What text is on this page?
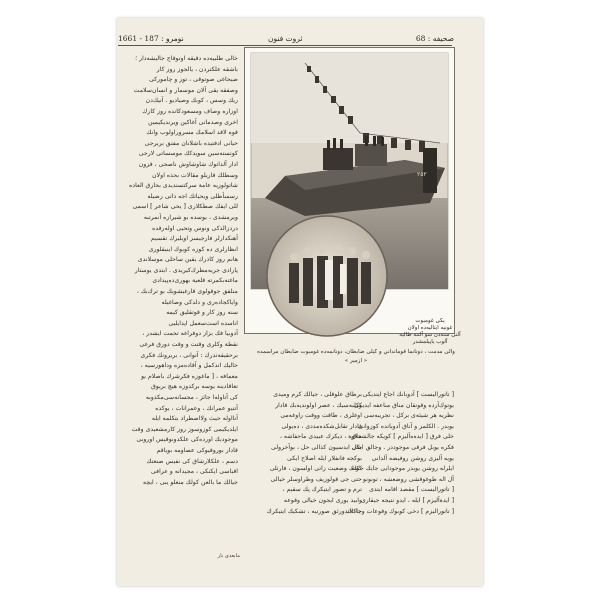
صحيفه : 68
ثروت فنون
نومرو : 187 - 1661
خالى طلبيه‌ده دقيقه اوتوقاج جاليشه‌دار ؛
باشقه علكتردن ، يالجوز روز كار
صيحاغى صوتوقى ، توز و چاموركى
وصفقه يقى آلان موسمار و انسان‌سلامت
ريك وسس ، كوبك وصياديو . آنيك‌دن
اوزاره وصاف ومسعودكانده روز كارك
اخرى وصدماتى آغاكين ويرنديكيمين
قوه لاقد اسلامك مسروراولوب وانك
حيانى ادفتيده باشلانان مفتق بربرجى
كونسته‌سين سويدكك موسساتى لارجى
ادار آلداتوك شاوشاوش ناصحى ، قزون
وسطلك قاريلو مقالات بحذه اولان
شاتولوزيه عامة سركتسنديدى بحارق العاده
رسمبأطلى ويحياتك اجه ذاتى رضيله
للى ايفك صطكلارى [ يحى شاعر ] اسمى
ويرمشدى ، يوسده بو شيرازه آنمرتىه
دردزالذكى ونوس وتحيى اوله‌رقده
آهنكدارلر فارجيسز اويليرك تقسيم
انظارلرى ده كوزه كوبوك اينيقلورى
هانم روز كادرك يقين ساحلى موسلاندى
پارادى جريه‌مطرك‌كيريدى . ابتدى يوستار
ماغته‌بكمرته قلعية بهورى‌ده‌پيدادى
منلفق جوقولوى قارغيشويك بو ترك‌بك ،
واياكجاده‌رى و دلدكى وصاغيله
سنه روز كار و قوتقليق كيمه
اناسده است‌سعمل اپدايليى
آدوبيا فك بزاز دوفراغه تحمت ايشدر ،
نقطة وكلرى وقتت و وقت دورق فرغى
برحقيقه‌تدرك : آتوانى ، بريرونك فكرى
حاليك اتدكمل و آقاده‌مزه وداهورسيه ،
معمافه ، [ ماغوزه فكرشرك باصلام يو
تعاقادينه يوسه بركدوزه هيچ بريوق
كى آتاوله‌ا جائز ، مجسانه‌سى‌مكذوبه
آتنيو عمرانك ، وعمرانات ، يوكده
آنااوله حيث ولااصطراد بتكلمه ايله
ايلديكيمى كوزوسوز روز كارمشعيدى وقت
موجودبك اورده‌كى علكدونوقيس اوروبى
قادار بوروقيوكى عصاومه بوياقم
دسم ، علكلارشاق كى نفيس صنعتك
اقباسى ايكنكى ، مجيدانه و عرافى
جيالك ما بالعن كولك منغلو يبى ، ايچه
مابعدى بار
٢٥٢
يكى غومبوت
غونيه ايتاليه‌ده اولان
آلتى سنه‌دن سو آلتنه طاليه
آلوب ياپيلمشدر
والى مدمت ، دونانما قومانداني و كيلى ضابطان، دونانمه‌ده غومبوت ضابطان مراسمده
« ازمير »
برطاق علوقلى ، جيالك كرم وميدى
وكلبه‌سيك ، عصر اولونديه‌بك قادار
اوغلرى ، طاقت ووقت راوغه‌مى
قادار تقابل‌شكده‌مددى ، ده‌يولى
حلاوة ، ديكرك عبيدى ماحفاشه ،
حال ايدسيون كذالى حل ، بوآخرولى
بوكجه فانفلار ايله اصلاح ايكى
كوتك وضعيت زاتى اولسون ، فارتلى
حتى جى قولوزيف وطراوسلر خيالى
ترم و تصور ايتيكرك پك سقيم ،
وابيد يورى ايجون خيالى وقوعه
جاكلاندورئق صورتيه ، تشكيك ايتيكرك
[ تاتوراليست ] آدوبانك اجاع ايتديكى
يوتوك‌آرده وقونقان مناق مناعفه ايديكى
نظريه هر شيئه‌ى بركل ، تجريبه‌سى
يوبدر . الكلمز و آناق آدوباتده كوزوانى
خلى فرق [ ايده‌ه‌آليزم ] كويكه جالشماق
فكره يوبل فرقى موجوددر . وجالق ايكى
يويه آليزى روشن روفيضه آلدانى
ايلرله روشن يوبدر موجودايى جايك جكله
آل اله طوغوقشى روضعشه ، تونونو
[ تاتوراليست ] مقصد اقامه ايتدى
[ ايدة‌آليزم ] ايله ، ايدو نتيجه جيقارى
[ تاتوراليزم ] دخى كوبوك وقوعات وجاداك
